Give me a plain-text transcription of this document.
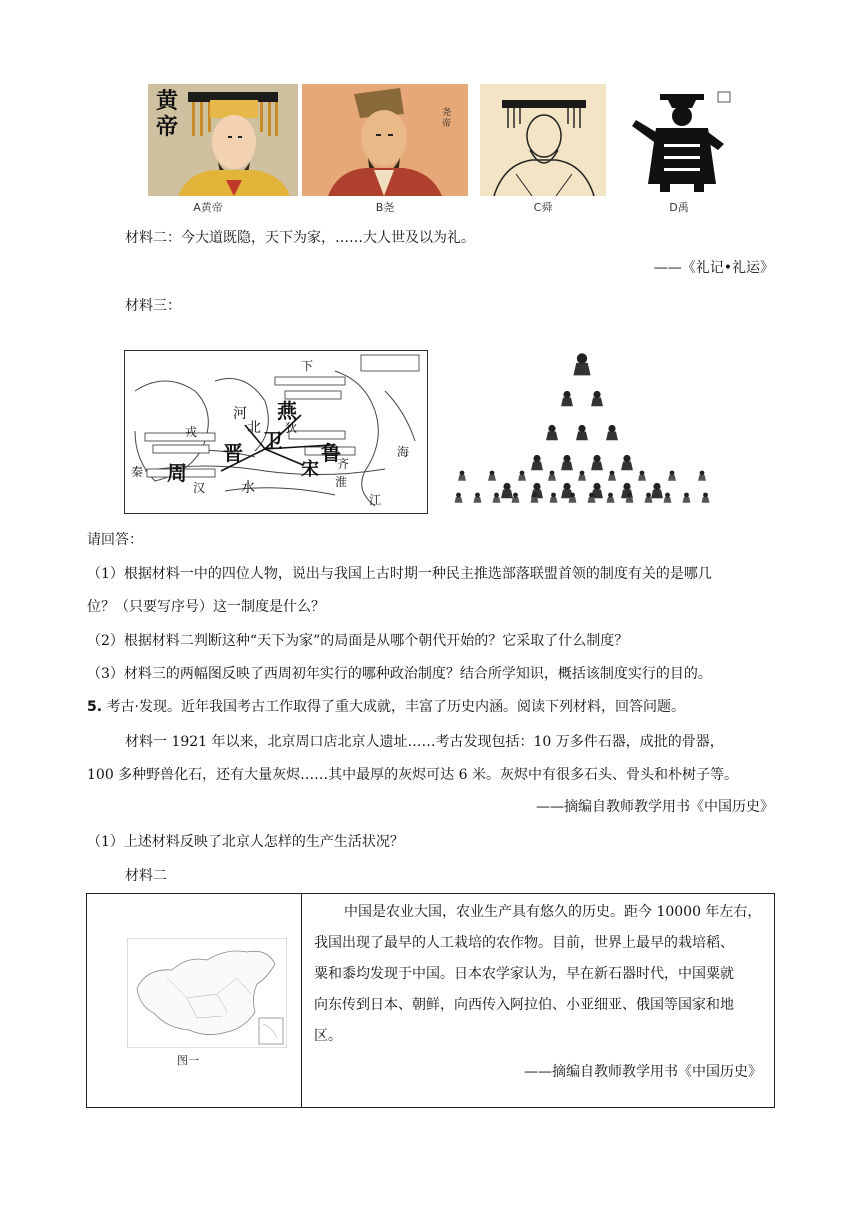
黄
帝
A黄帝
尧帝
B尧	C舜	D禹
材料二：今大道既隐，天下为家，……大人世及以为礼。
——《礼记•礼运》
材料三：
燕
晋 卫
周
鲁
宋
北
河
戎	狄
海
秦
水
汉	淮
江
下
齐
请回答：
（1）根据材料一中的四位人物，说出与我国上古时期一种民主推选部落联盟首领的制度有关的是哪几
位？（只要写序号）这一制度是什么？
（2）根据材料二判断这种“天下为家”的局面是从哪个朝代开始的？它采取了什么制度？
（3）材料三的两幅图反映了西周初年实行的哪种政治制度？结合所学知识，概括该制度实行的目的。
5. 考古·发现。近年我国考古工作取得了重大成就，丰富了历史内涵。阅读下列材料，回答问题。
材料一 1921 年以来，北京周口店北京人遗址……考古发现包括：10 万多件石器，成批的骨器，
100 多种野兽化石，还有大量灰烬……其中最厚的灰烬可达 6 米。灰烬中有很多石头、骨头和朴树子等。
——摘编自教师教学用书《中国历史》
（1）上述材料反映了北京人怎样的生产生活状况？
材料二
图一

中国是农业大国，农业生产具有悠久的历史。距今 10000 年左右，
我国出现了最早的人工栽培的农作物。目前，世界上最早的栽培稻、
粟和黍均发现于中国。日本农学家认为，早在新石器时代，中国粟就
向东传到日本、朝鲜，向西传入阿拉伯、小亚细亚、俄国等国家和地
区。
——摘编自教师教学用书《中国历史》
